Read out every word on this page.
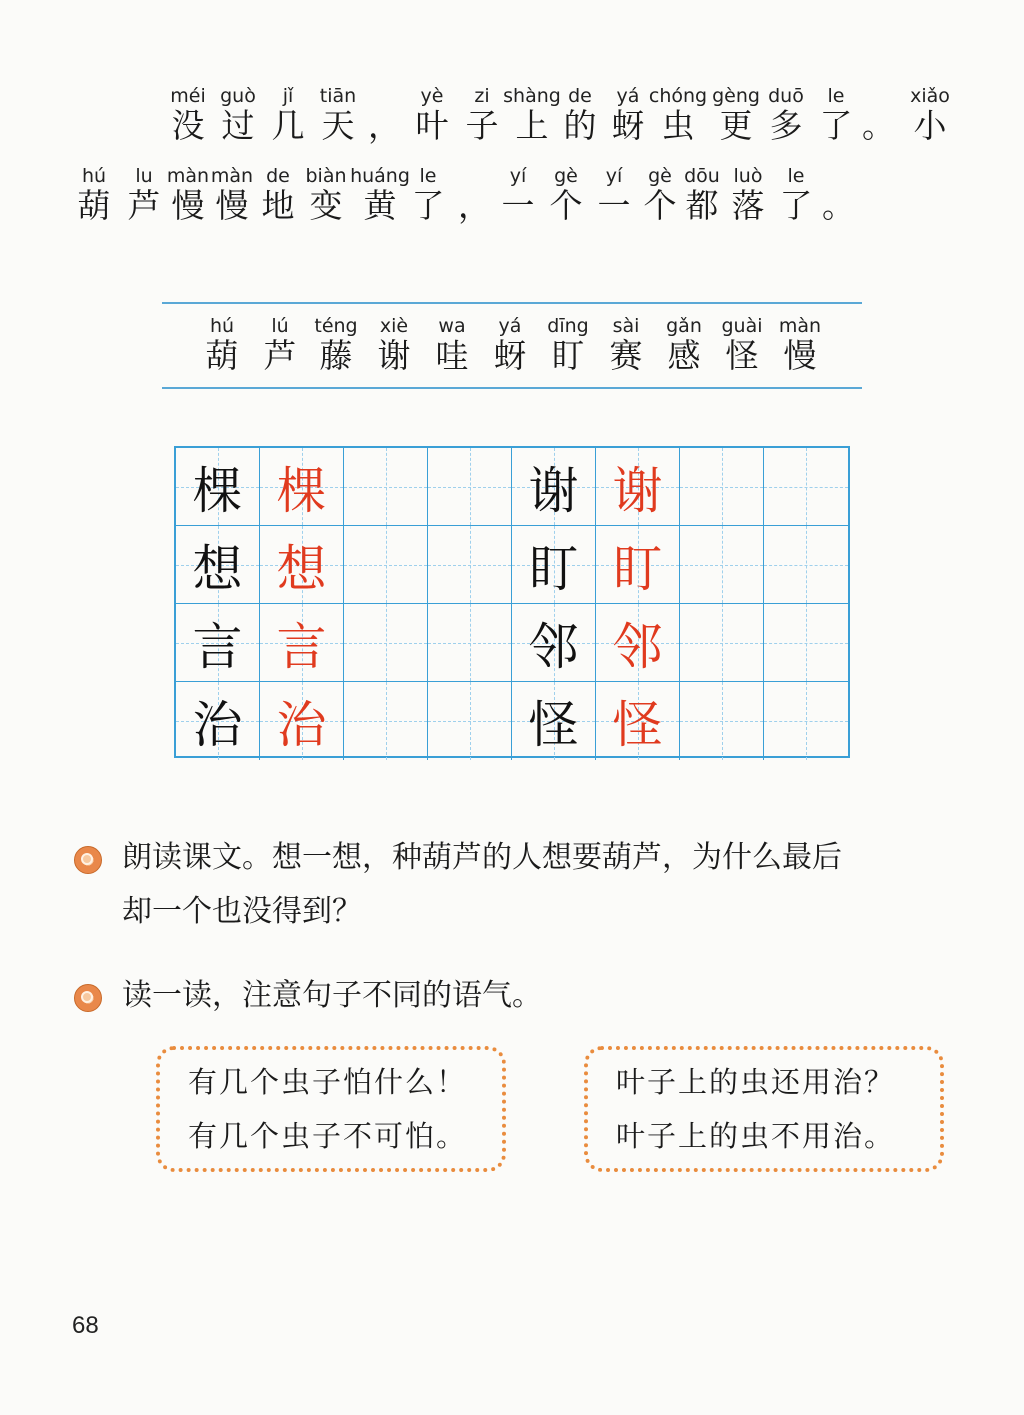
méi
没
guò
过
jǐ
几
tiān
天 ，
yè
叶
zi
子
shàng
上
de
的
yá
蚜
chóng
虫
gèng
更
duō
多
le
了 。
xiǎo
小
hú
葫
lu
芦
màn
慢
màn
慢
de
地
biàn
变
huáng
黄
le
了 ，
yí
一
gè
个
yí
一
gè
个
dōu
都
luò
落
le
了 。
hú
葫
lú
芦
téng
藤
xiè
谢
wa
哇
yá
蚜
dīng
盯
sài
赛
gǎn
感
guài
怪
màn
慢
棵 棵	谢 谢
想 想	盯 盯
言 言	邻 邻
治 治	怪 怪
朗读课文。想一想，种葫芦的人想要葫芦，为什么最后
却一个也没得到？
读一读，注意句子不同的语气。
有几个虫子怕什么！
有几个虫子不可怕。
叶子上的虫还用治？
叶子上的虫不用治。
68
